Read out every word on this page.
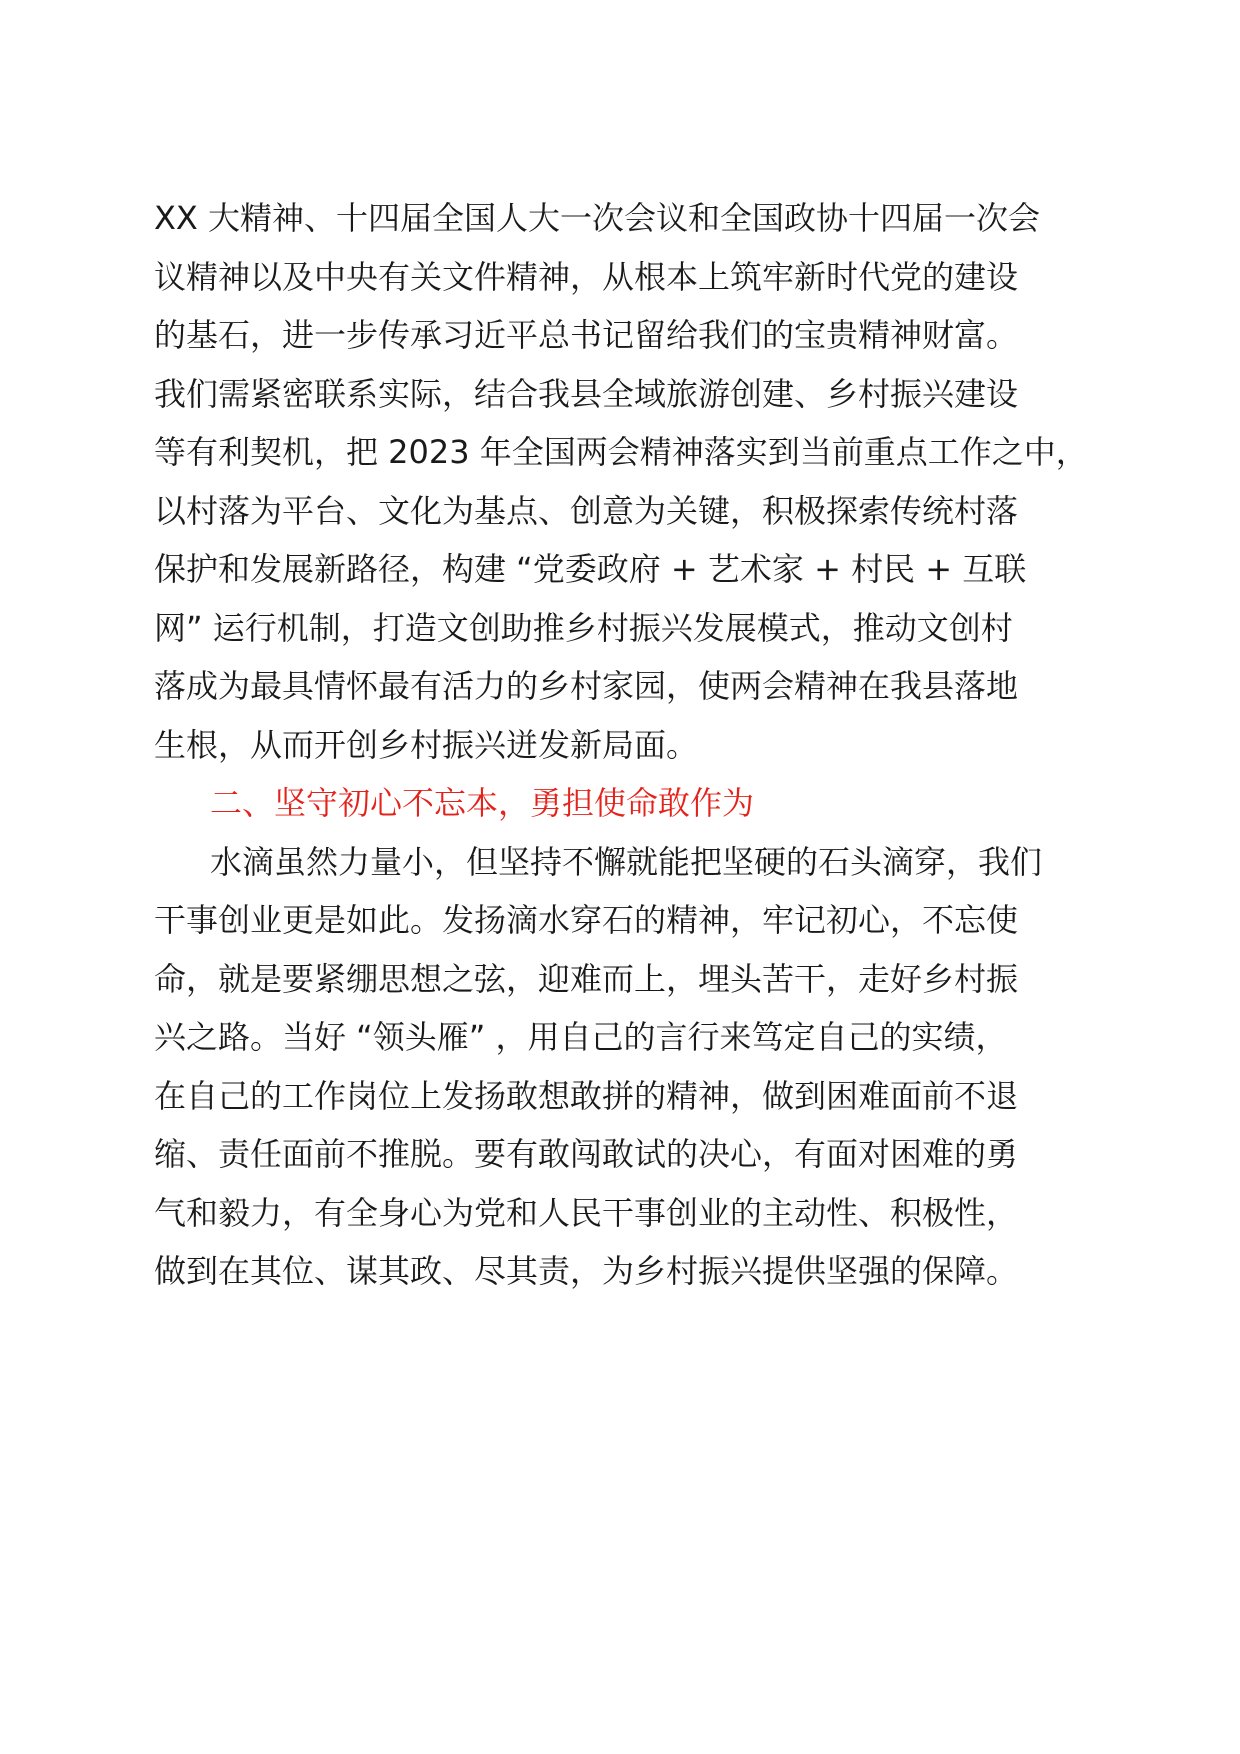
XX 大精神、十四届全国人大一次会议和全国政协十四届一次会
议精神以及中央有关文件精神，从根本上筑牢新时代党的建设
的基石，进一步传承习近平总书记留给我们的宝贵精神财富。
我们需紧密联系实际，结合我县全域旅游创建、乡村振兴建设
等有利契机，把 2023 年全国两会精神落实到当前重点工作之中，
以村落为平台、文化为基点、创意为关键，积极探索传统村落
保护和发展新路径，构建 “党委政府 + 艺术家 + 村民 + 互联
网” 运行机制，打造文创助推乡村振兴发展模式，推动文创村
落成为最具情怀最有活力的乡村家园，使两会精神在我县落地
生根，从而开创乡村振兴迸发新局面。
二、坚守初心不忘本，勇担使命敢作为
水滴虽然力量小，但坚持不懈就能把坚硬的石头滴穿，我们
干事创业更是如此。发扬滴水穿石的精神，牢记初心，不忘使
命，就是要紧绷思想之弦，迎难而上，埋头苦干，走好乡村振
兴之路。当好 “领头雁” ，用自己的言行来笃定自己的实绩，
在自己的工作岗位上发扬敢想敢拼的精神，做到困难面前不退
缩、责任面前不推脱。要有敢闯敢试的决心，有面对困难的勇
气和毅力，有全身心为党和人民干事创业的主动性、积极性，
做到在其位、谋其政、尽其责，为乡村振兴提供坚强的保障。
